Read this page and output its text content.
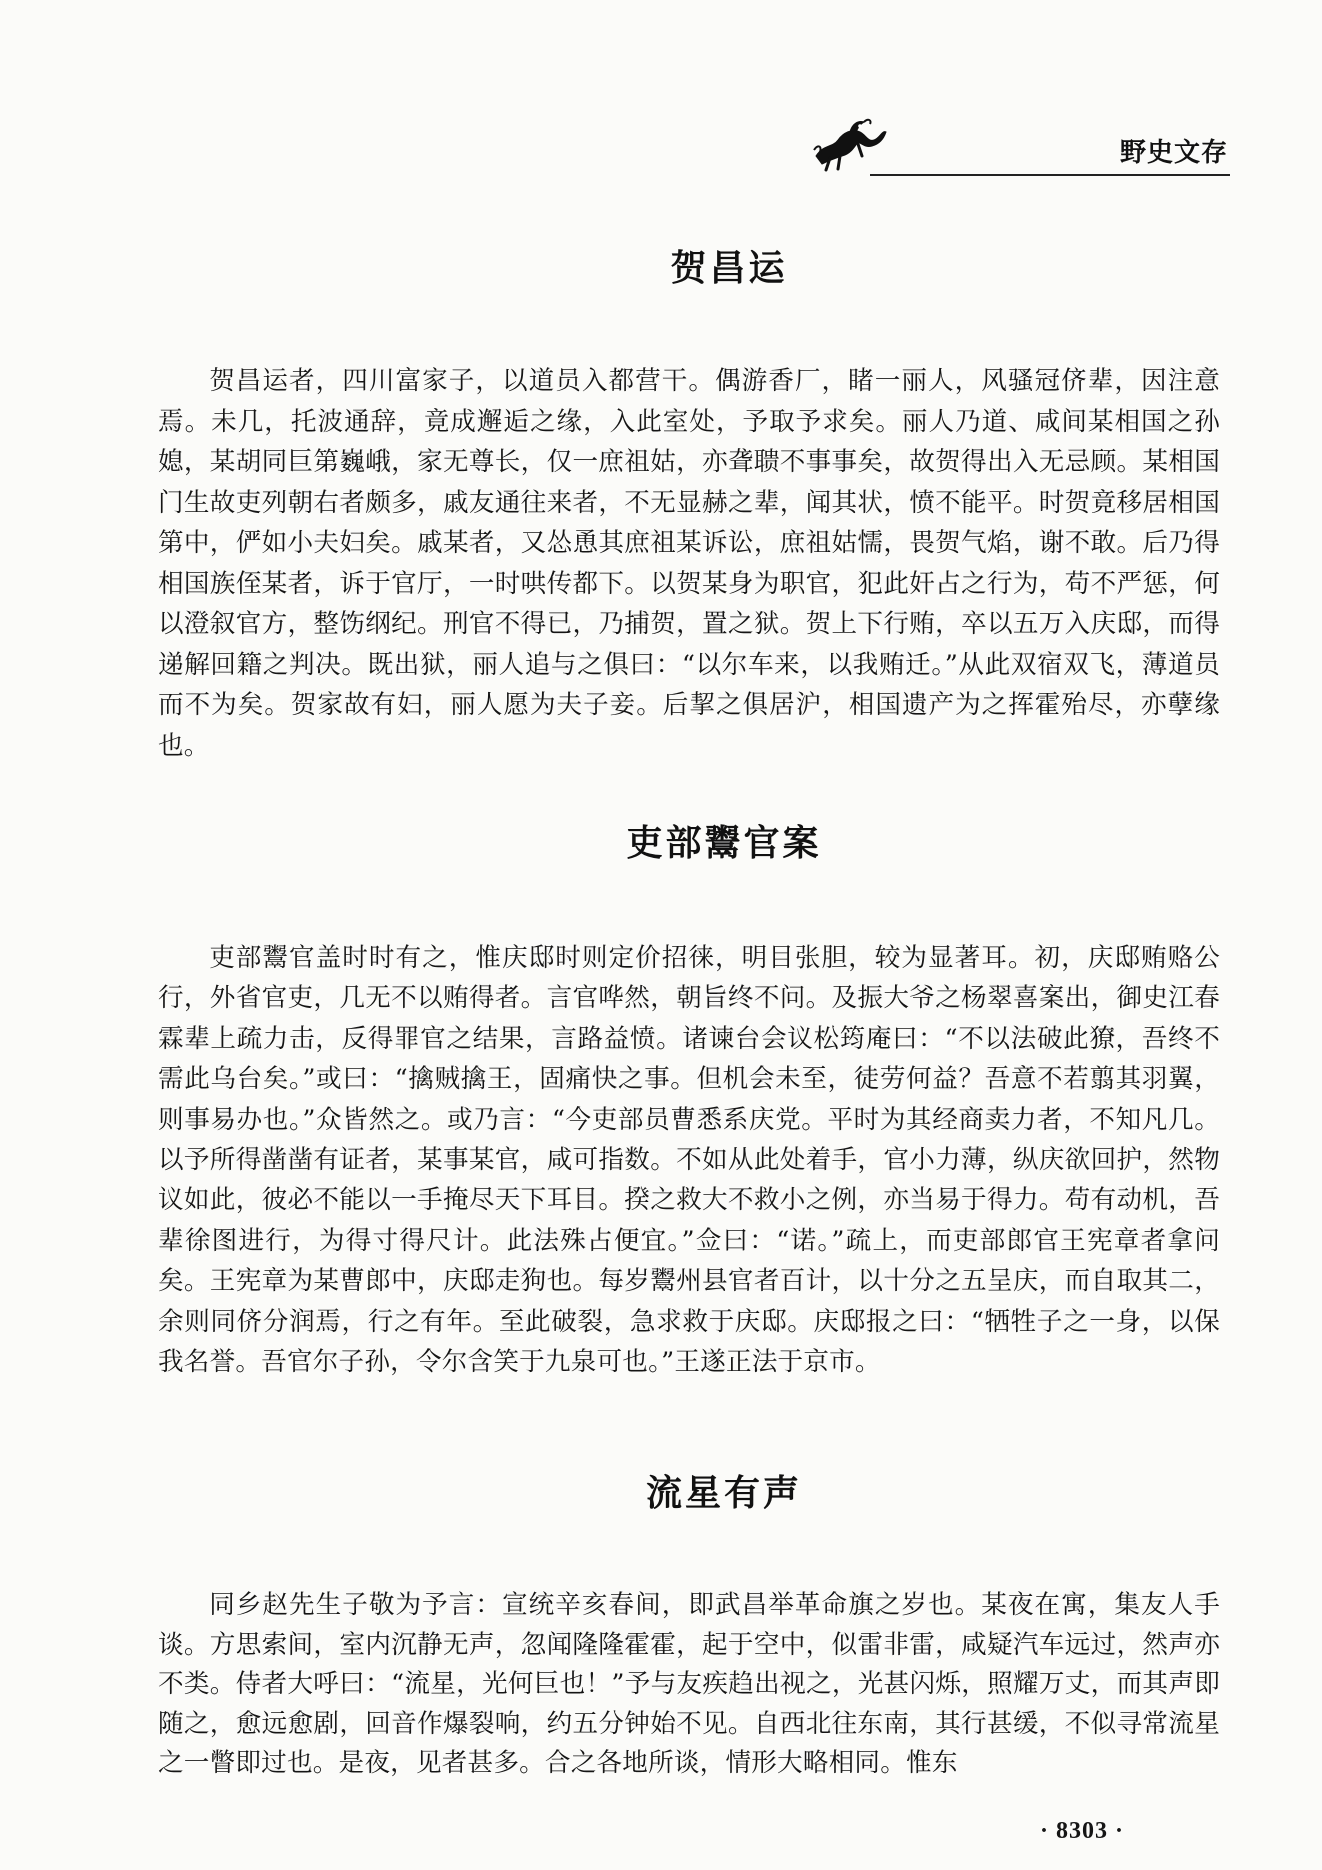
野史文存
贺昌运

贺昌运者，四川富家子，以道员入都营干。偶游香厂，睹一丽人，风骚冠侪辈，因注意焉。未几，托波通辞，竟成邂逅之缘，入此室处，予取予求矣。丽人乃道、咸间某相国之孙媳，某胡同巨第巍峨，家无尊长，仅一庶祖姑，亦聋聩不事事矣，故贺得出入无忌顾。某相国门生故吏列朝右者颇多，戚友通往来者，不无显赫之辈，闻其状，愤不能平。时贺竟移居相国第中，俨如小夫妇矣。戚某者，又怂恿其庶祖某诉讼，庶祖姑懦，畏贺气焰，谢不敢。后乃得相国族侄某者，诉于官厅，一时哄传都下。以贺某身为职官，犯此奸占之行为，苟不严惩，何以澄叙官方，整饬纲纪。刑官不得已，乃捕贺，置之狱。贺上下行贿，卒以五万入庆邸，而得递解回籍之判决。既出狱，丽人追与之俱曰：“以尔车来，以我贿迁。”从此双宿双飞，薄道员而不为矣。贺家故有妇，丽人愿为夫子妾。后挈之俱居沪，相国遗产为之挥霍殆尽，亦孽缘也。

吏部鬻官案

吏部鬻官盖时时有之，惟庆邸时则定价招徕，明目张胆，较为显著耳。初，庆邸贿赂公行，外省官吏，几无不以贿得者。言官哗然，朝旨终不问。及振大爷之杨翠喜案出，御史江春霖辈上疏力击，反得罪官之结果，言路益愤。诸谏台会议松筠庵曰：“不以法破此獠，吾终不需此乌台矣。”或曰：“擒贼擒王，固痛快之事。但机会未至，徒劳何益？吾意不若翦其羽翼，则事易办也。”众皆然之。或乃言：“今吏部员曹悉系庆党。平时为其经商卖力者，不知凡几。以予所得凿凿有证者，某事某官，咸可指数。不如从此处着手，官小力薄，纵庆欲回护，然物议如此，彼必不能以一手掩尽天下耳目。揆之救大不救小之例，亦当易于得力。苟有动机，吾辈徐图进行，为得寸得尺计。此法殊占便宜。”佥曰：“诺。”疏上，而吏部郎官王宪章者拿问矣。王宪章为某曹郎中，庆邸走狗也。每岁鬻州县官者百计，以十分之五呈庆，而自取其二，余则同侪分润焉，行之有年。至此破裂，急求救于庆邸。庆邸报之曰：“牺牲子之一身，以保我名誉。吾官尔子孙，令尔含笑于九泉可也。”王遂正法于京市。

流星有声

同乡赵先生子敬为予言：宣统辛亥春间，即武昌举革命旗之岁也。某夜在寓，集友人手谈。方思索间，室内沉静无声，忽闻隆隆霍霍，起于空中，似雷非雷，咸疑汽车远过，然声亦不类。侍者大呼曰：“流星，光何巨也！”予与友疾趋出视之，光甚闪烁，照耀万丈，而其声即随之，愈远愈剧，回音作爆裂响，约五分钟始不见。自西北往东南，其行甚缓，不似寻常流星之一瞥即过也。是夜，见者甚多。合之各地所谈，情形大略相同。惟东

· 8303 ·
